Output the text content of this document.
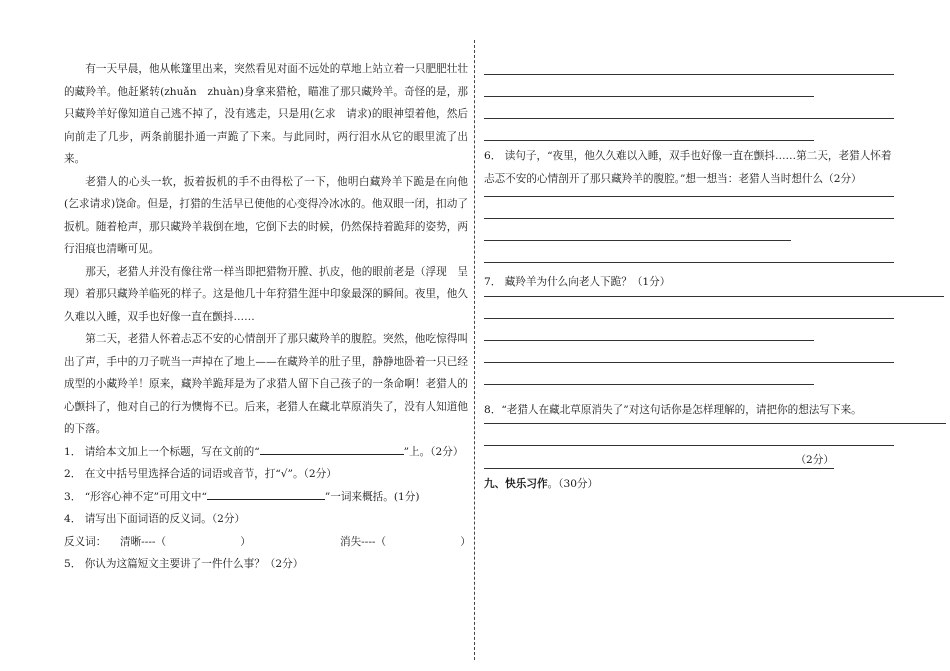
有一天早晨，他从帐篷里出来，突然看见对面不远处的草地上站立着一只肥肥壮壮的藏羚羊。他赶紧转(zhuǎn　zhuàn)身拿来猎枪，瞄准了那只藏羚羊。奇怪的是，那只藏羚羊好像知道自己逃不掉了，没有逃走，只是用(乞求　请求)的眼神望着他，然后向前走了几步，两条前腿扑通一声跪了下来。与此同时，两行泪水从它的眼里流了出来。

老猎人的心头一软，扳着扳机的手不由得松了一下，他明白藏羚羊下跪是在向他(乞求请求)饶命。但是，打猎的生活早已使他的心变得冷冰冰的。他双眼一闭，扣动了扳机。随着枪声，那只藏羚羊栽倒在地，它倒下去的时候，仍然保持着跪拜的姿势，两行泪痕也清晰可见。

那天，老猎人并没有像往常一样当即把猎物开膛、扒皮，他的眼前老是（浮现　呈现）着那只藏羚羊临死的样子。这是他几十年狩猎生涯中印象最深的瞬间。夜里，他久久难以入睡，双手也好像一直在颤抖……

第二天，老猎人怀着忐忑不安的心情剖开了那只藏羚羊的腹腔。突然，他吃惊得叫出了声，手中的刀子咣当一声掉在了地上——在藏羚羊的肚子里，静静地卧着一只已经成型的小藏羚羊！原来，藏羚羊跪拜是为了求猎人留下自己孩子的一条命啊！老猎人的心颤抖了，他对自己的行为懊悔不已。后来，老猎人在藏北草原消失了，没有人知道他的下落。

1． 请给本文加上一个标题，写在文前的“	”上。（2分）

2． 在文中括号里选择合适的词语或音节，打“√”。（2分）

3． “形容心神不定”可用文中“	”一词来概括。(1分)

4． 请写出下面词语的反义词。（2分）

反义词： 清晰----（　　　　　　　）	消失----（　　　　　　　）

5． 你认为这篇短文主要讲了一件什么事？（2分）

6． 读句子，“夜里，他久久难以入睡，双手也好像一直在颤抖……第二天，老猎人怀着忐忑不安的心情剖开了那只藏羚羊的腹腔。”想一想当：老猎人当时想什么（2分）

7． 藏羚羊为什么向老人下跪？（1分）

8．“老猎人在藏北草原消失了”对这句话你是怎样理解的，请把你的想法写下来。

（2分）

九、快乐习作。（30分）
